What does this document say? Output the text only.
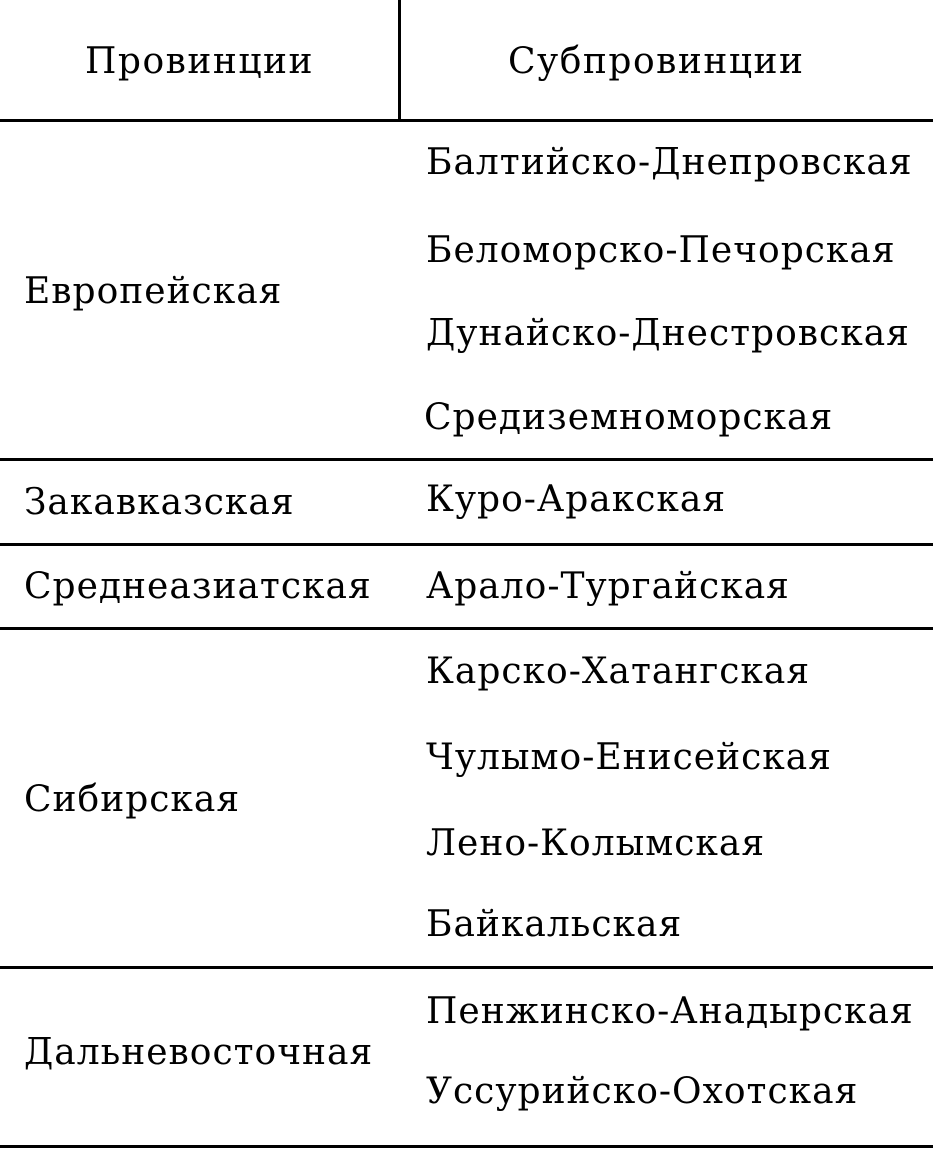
Провинции	Субпровинции
Европейская
Балтийско-Днепровская
Беломорско-Печорская
Дунайско-Днестровская
Средиземноморская
Закавказская	Куро-Аракская
Среднеазиатская Арало-Тургайская
Сибирская
Карско-Хатангская
Чулымо-Енисейская
Лено-Колымская
Байкальская
Дальневосточная
Пенжинско-Анадырская
Уссурийско-Охотская
